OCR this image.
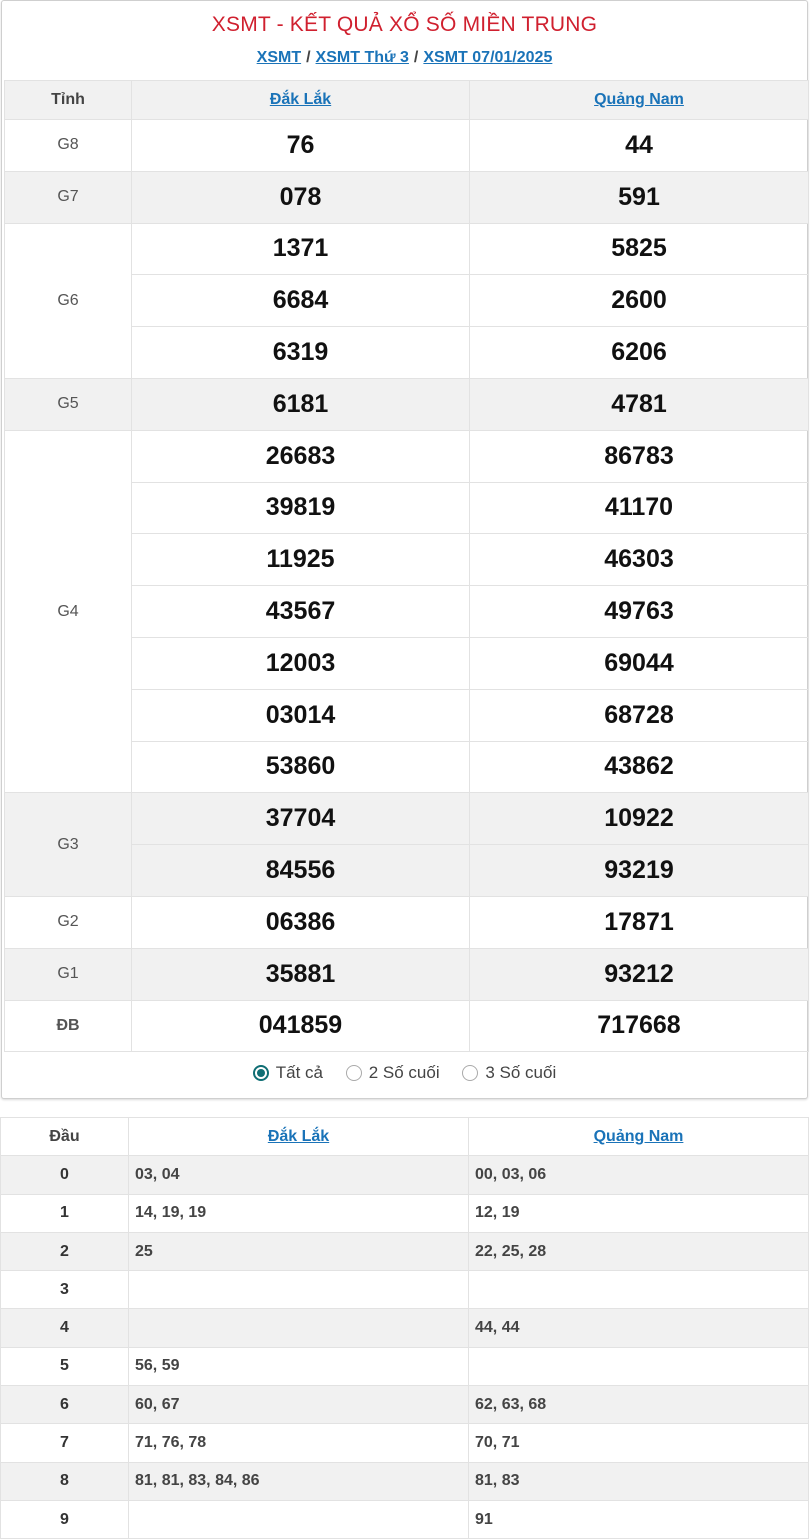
XSMT - KẾT QUẢ XỔ SỐ MIỀN TRUNG
XSMT / XSMT Thứ 3 / XSMT 07/01/2025
Tỉnh	Đắk Lắk	Quảng Nam
G8	76	44
G7	078	591
G6	1371	5825
	6684	2600
	6319	6206
G5	6181	4781
G4	26683	86783
	39819	41170
	11925	46303
	43567	49763
	12003	69044
	03014	68728
	53860	43862
G3	37704	10922
	84556	93219
G2	06386	17871
G1	35881	93212
ĐB	041859	717668
Tất cả
	2 Số cuối
	3 Số cuối
Đầu	Đắk Lắk	Quảng Nam
0	03, 04	00, 03, 06
1	14, 19, 19	12, 19
2	25	22, 25, 28
3		
4		44, 44
5	56, 59	
6	60, 67	62, 63, 68
7	71, 76, 78	70, 71
8	81, 81, 83, 84, 86	81, 83
9		91
